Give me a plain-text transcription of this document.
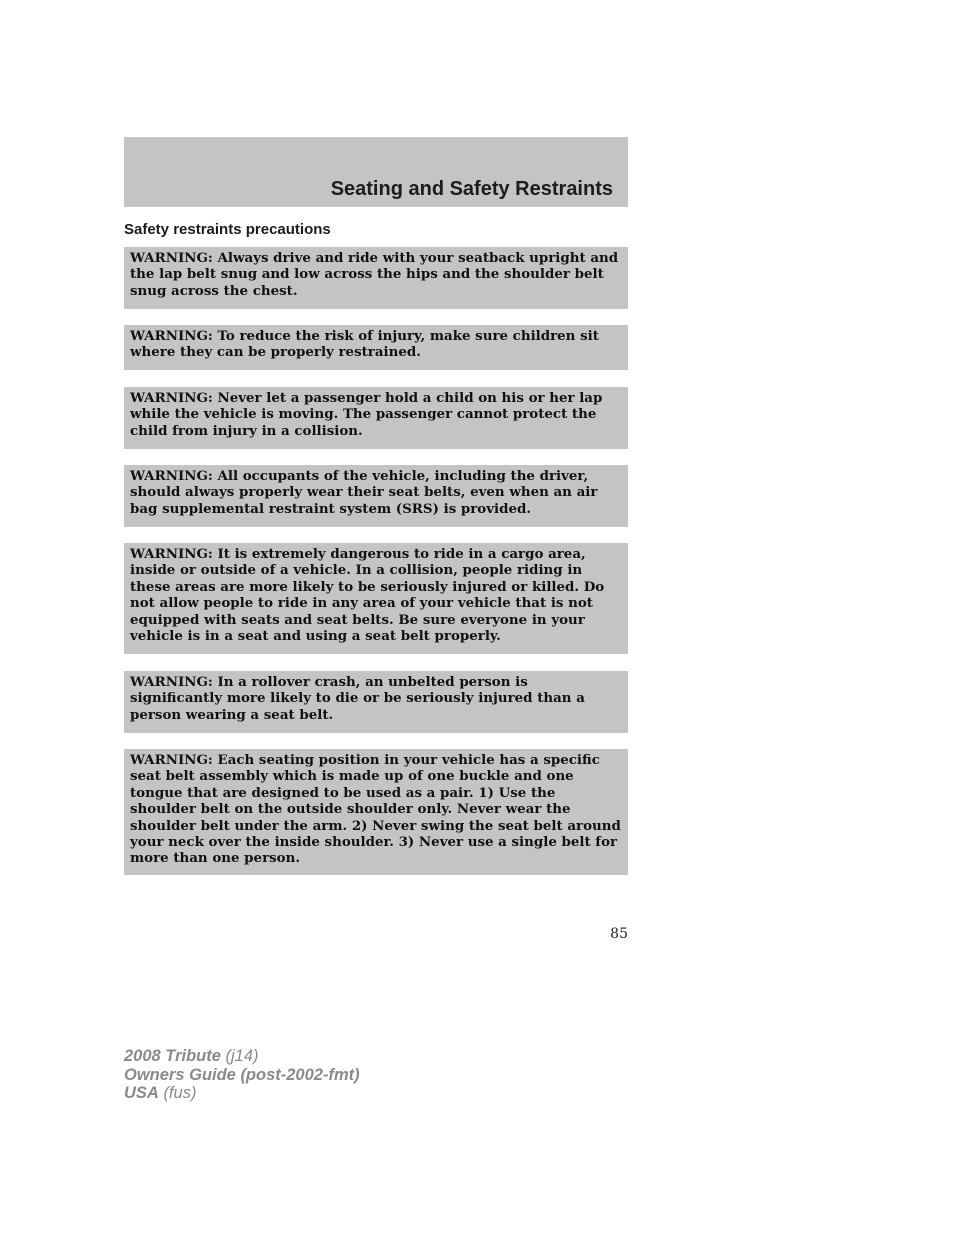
Seating and Safety Restraints
Safety restraints precautions

WARNING: Always drive and ride with your seatback upright and the lap belt snug and low across the hips and the shoulder belt snug across the chest.

WARNING: To reduce the risk of injury, make sure children sit where they can be properly restrained.

WARNING: Never let a passenger hold a child on his or her lap while the vehicle is moving. The passenger cannot protect the child from injury in a collision.

WARNING: All occupants of the vehicle, including the driver, should always properly wear their seat belts, even when an air bag supplemental restraint system (SRS) is provided.

WARNING: It is extremely dangerous to ride in a cargo area, inside or outside of a vehicle. In a collision, people riding in these areas are more likely to be seriously injured or killed. Do not allow people to ride in any area of your vehicle that is not equipped with seats and seat belts. Be sure everyone in your vehicle is in a seat and using a seat belt properly.

WARNING: In a rollover crash, an unbelted person is significantly more likely to die or be seriously injured than a person wearing a seat belt.

WARNING: Each seating position in your vehicle has a specific seat belt assembly which is made up of one buckle and one tongue that are designed to be used as a pair. 1) Use the shoulder belt on the outside shoulder only. Never wear the shoulder belt under the arm. 2) Never swing the seat belt around your neck over the inside shoulder. 3) Never use a single belt for more than one person.

85

2008 Tribute (j14)
Owners Guide (post-2002-fmt)
USA (fus)
